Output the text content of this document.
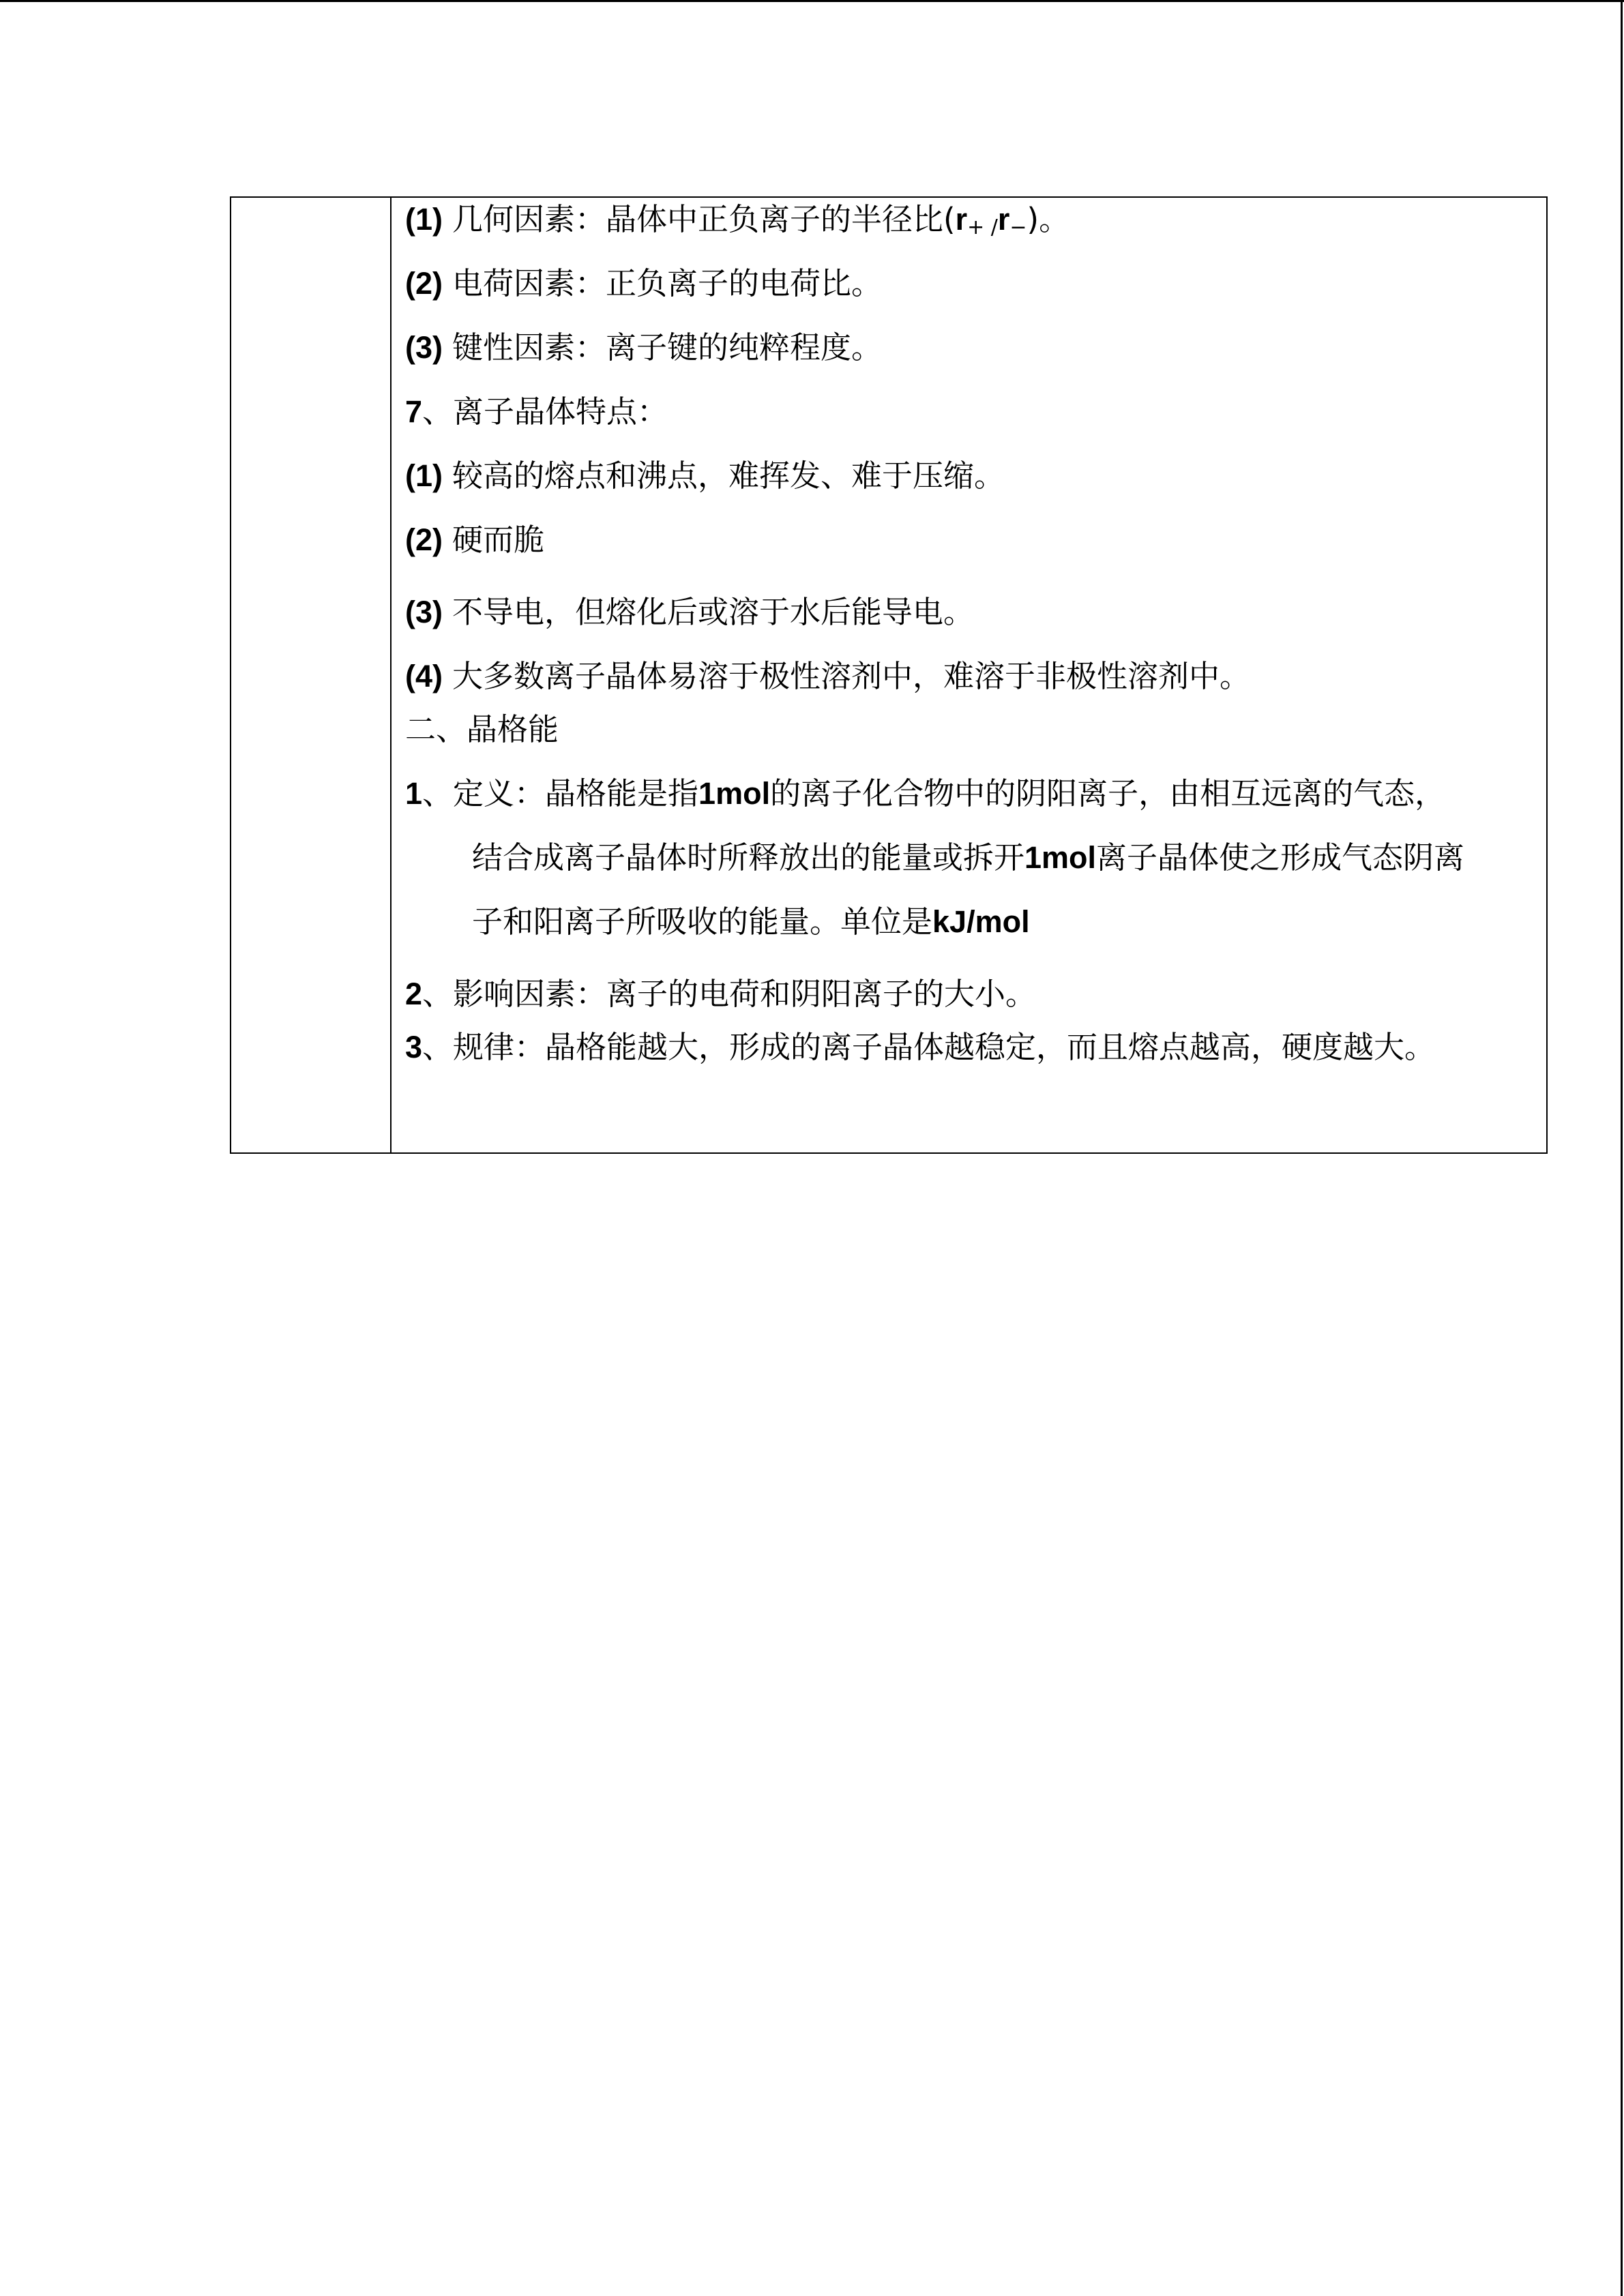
(1) 几何因素：晶体中正负离子的半径比$(r_{+ /}r_-)$。
(2) 电荷因素：正负离子的电荷比。
(3) 键性因素：离子键的纯粹程度。
7、离子晶体特点：
(1) 较高的熔点和沸点，难挥发、难于压缩。
(2) 硬而脆
(3) 不导电，但熔化后或溶于水后能导电。
(4) 大多数离子晶体易溶于极性溶剂中，难溶于非极性溶剂中。
二、晶格能
1、定义：晶格能是指1mol的离子化合物中的阴阳离子，由相互远离的气态，
结合成离子晶体时所释放出的能量或拆开1mol离子晶体使之形成气态阴离
子和阳离子所吸收的能量。单位是kJ/mol
2、影响因素：离子的电荷和阴阳离子的大小。
3、规律：晶格能越大，形成的离子晶体越稳定，而且熔点越高，硬度越大。
